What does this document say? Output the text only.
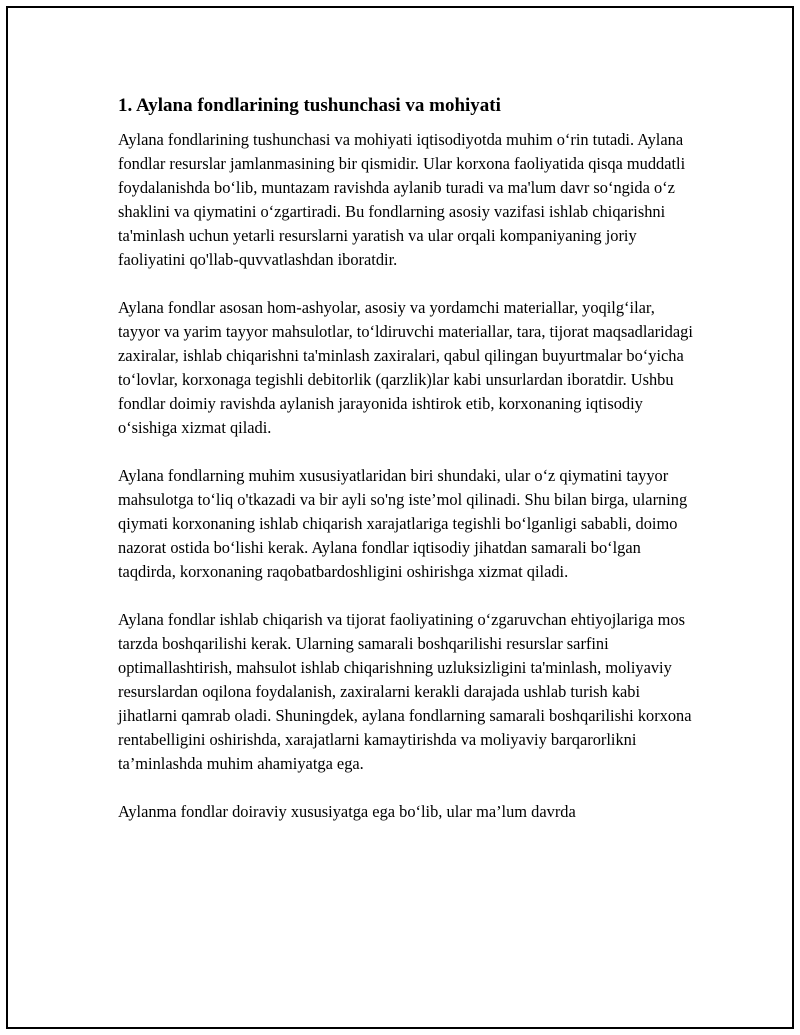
1. Aylana fondlarining tushunchasi va mohiyati

Aylana fondlarining tushunchasi va mohiyati iqtisodiyotda muhim o‘rin tutadi. Aylana fondlar resurslar jamlanmasining bir qismidir. Ular korxona faoliyatida qisqa muddatli foydalanishda bo‘lib, muntazam ravishda aylanib turadi va ma'lum davr so‘ngida o‘z shaklini va qiymatini o‘zgartiradi. Bu fondlarning asosiy vazifasi ishlab chiqarishni ta'minlash uchun yetarli resurslarni yaratish va ular orqali kompaniyaning joriy faoliyatini qo'llab-quvvatlashdan iboratdir.

Aylana fondlar asosan hom-ashyolar, asosiy va yordamchi materiallar, yoqilg‘ilar, tayyor va yarim tayyor mahsulotlar, to‘ldiruvchi materiallar, tara, tijorat maqsadlaridagi zaxiralar, ishlab chiqarishni ta'minlash zaxiralari, qabul qilingan buyurtmalar bo‘yicha to‘lovlar, korxonaga tegishli debitorlik (qarzlik)lar kabi unsurlardan iboratdir. Ushbu fondlar doimiy ravishda aylanish jarayonida ishtirok etib, korxonaning iqtisodiy o‘sishiga xizmat qiladi.

Aylana fondlarning muhim xususiyatlaridan biri shundaki, ular o‘z qiymatini tayyor mahsulotga to‘liq o'tkazadi va bir ayli so'ng iste’mol qilinadi. Shu bilan birga, ularning qiymati korxonaning ishlab chiqarish xarajatlariga tegishli bo‘lganligi sababli, doimo nazorat ostida bo‘lishi kerak. Aylana fondlar iqtisodiy jihatdan samarali bo‘lgan taqdirda, korxonaning raqobatbardoshligini oshirishga xizmat qiladi.

Aylana fondlar ishlab chiqarish va tijorat faoliyatining o‘zgaruvchan ehtiyojlariga mos tarzda boshqarilishi kerak. Ularning samarali boshqarilishi resurslar sarfini optimallashtirish, mahsulot ishlab chiqarishning uzluksizligini ta'minlash, moliyaviy resurslardan oqilona foydalanish, zaxiralarni kerakli darajada ushlab turish kabi jihatlarni qamrab oladi. Shuningdek, aylana fondlarning samarali boshqarilishi korxona rentabelligini oshirishda, xarajatlarni kamaytirishda va moliyaviy barqarorlikni ta’minlashda muhim ahamiyatga ega.

Aylanma fondlar doiraviy xususiyatga ega bo‘lib, ular ma’lum davrda
